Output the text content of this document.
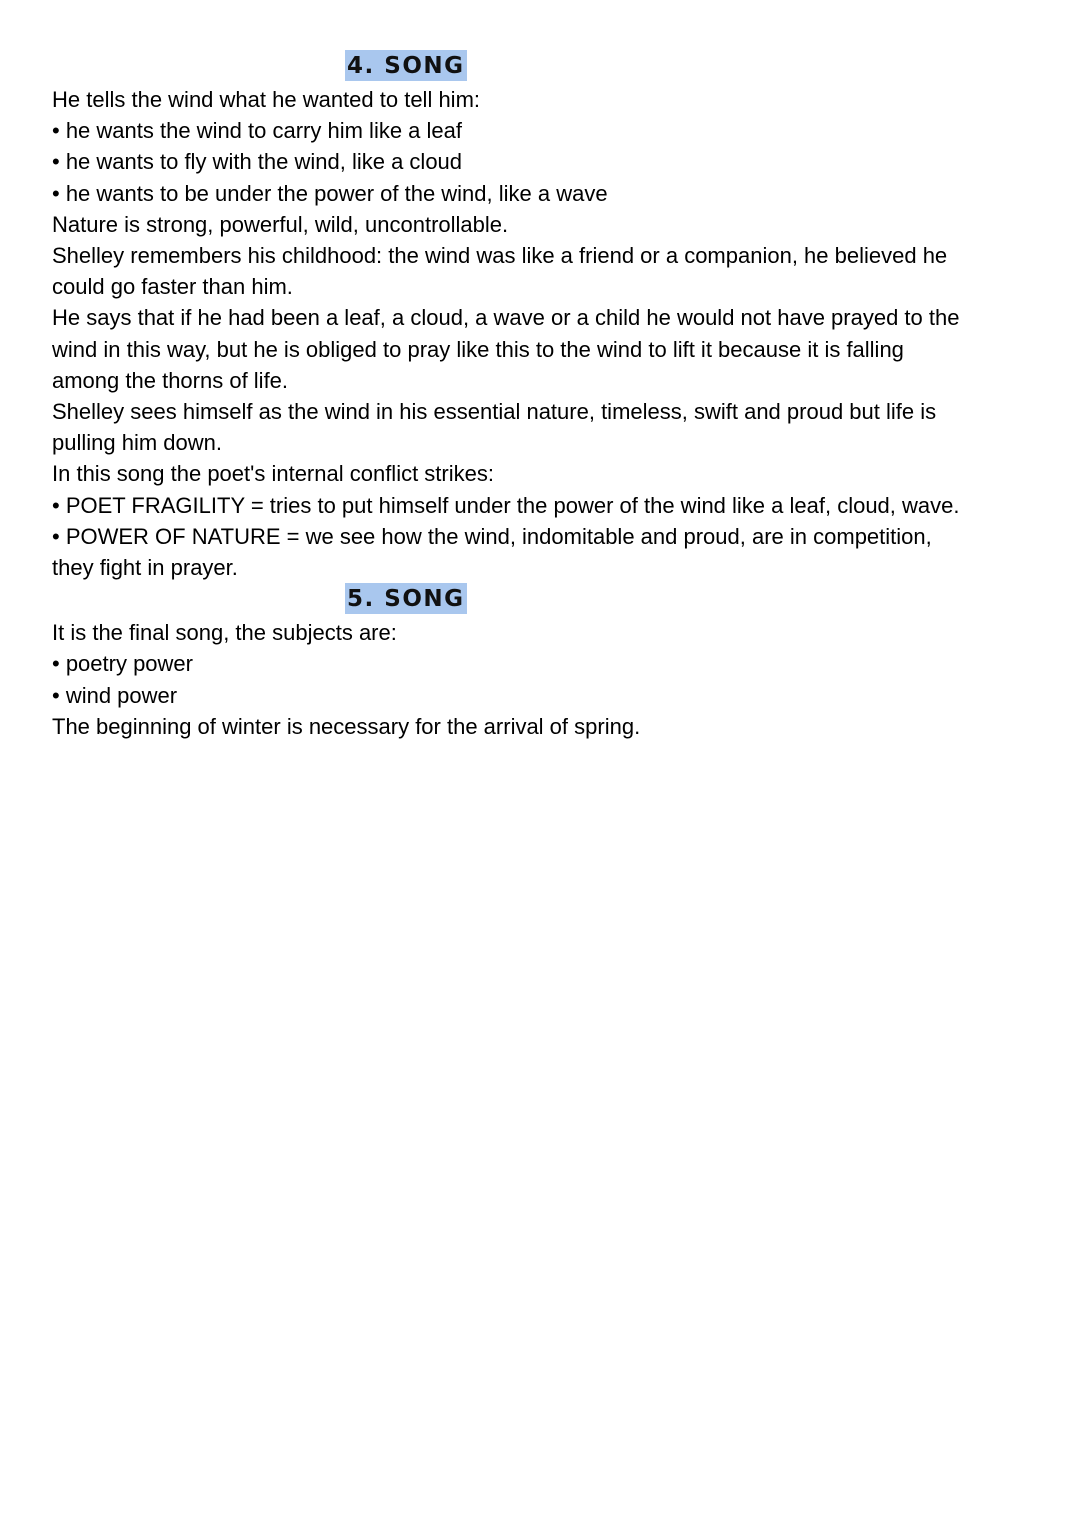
4. SONG

He tells the wind what he wanted to tell him:

• he wants the wind to carry him like a leaf

• he wants to fly with the wind, like a cloud

• he wants to be under the power of the wind, like a wave

Nature is strong, powerful, wild, uncontrollable.

Shelley remembers his childhood: the wind was like a friend or a companion, he believed he

could go faster than him.

He says that if he had been a leaf, a cloud, a wave or a child he would not have prayed to the

wind in this way, but he is obliged to pray like this to the wind to lift it because it is falling

among the thorns of life.

Shelley sees himself as the wind in his essential nature, timeless, swift and proud but life is

pulling him down.

In this song the poet's internal conflict strikes:

• POET FRAGILITY = tries to put himself under the power of the wind like a leaf, cloud, wave.

• POWER OF NATURE = we see how the wind, indomitable and proud, are in competition,

they fight in prayer.

5. SONG

It is the final song, the subjects are:

• poetry power

• wind power

The beginning of winter is necessary for the arrival of spring.
